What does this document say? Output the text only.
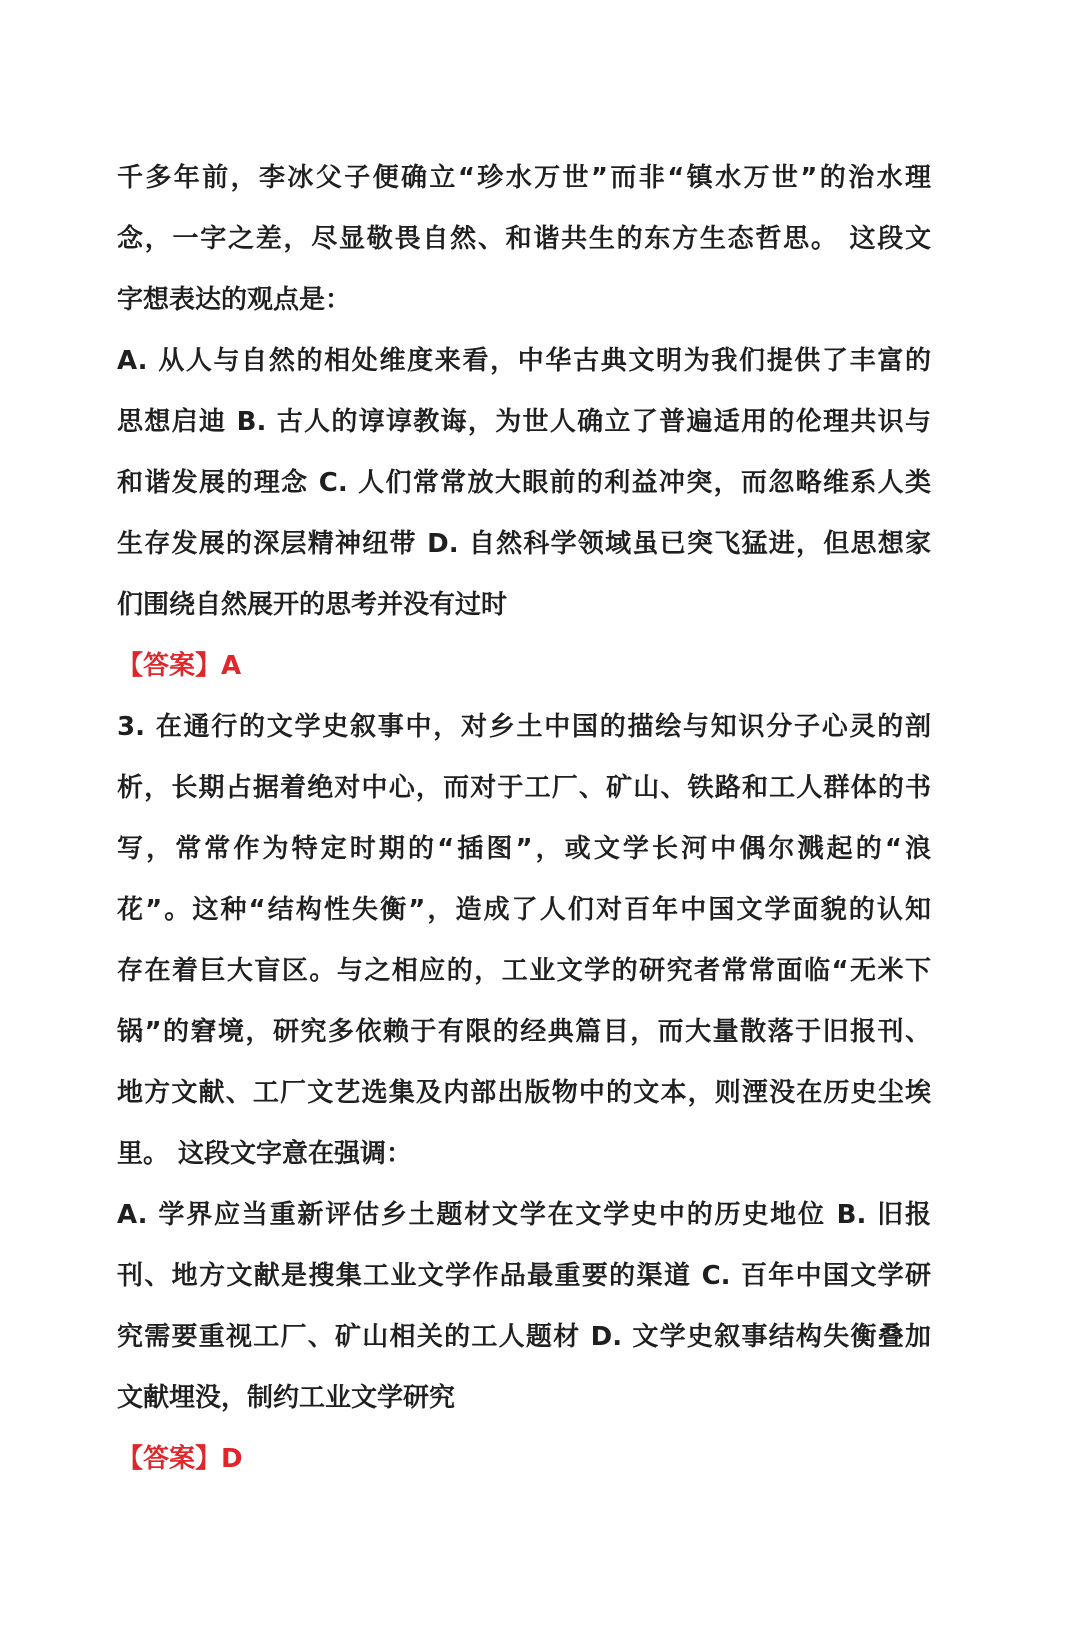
千多年前，李冰父子便确立“珍水万世”而非“镇水万世”的治水理
念，一字之差，尽显敬畏自然、和谐共生的东方生态哲思。 这段文
字想表达的观点是：
A. 从人与自然的相处维度来看，中华古典文明为我们提供了丰富的
思想启迪 B. 古人的谆谆教诲，为世人确立了普遍适用的伦理共识与
和谐发展的理念 C. 人们常常放大眼前的利益冲突，而忽略维系人类
生存发展的深层精神纽带 D. 自然科学领域虽已突飞猛进，但思想家
们围绕自然展开的思考并没有过时
【答案】A
3. 在通行的文学史叙事中，对乡土中国的描绘与知识分子心灵的剖
析，长期占据着绝对中心，而对于工厂、矿山、铁路和工人群体的书
写，常常作为特定时期的“插图”，或文学长河中偶尔溅起的“浪
花”。这种“结构性失衡”，造成了人们对百年中国文学面貌的认知
存在着巨大盲区。与之相应的，工业文学的研究者常常面临“无米下
锅”的窘境，研究多依赖于有限的经典篇目，而大量散落于旧报刊、
地方文献、工厂文艺选集及内部出版物中的文本，则湮没在历史尘埃
里。 这段文字意在强调：
A. 学界应当重新评估乡土题材文学在文学史中的历史地位 B. 旧报
刊、地方文献是搜集工业文学作品最重要的渠道 C. 百年中国文学研
究需要重视工厂、矿山相关的工人题材 D. 文学史叙事结构失衡叠加
文献埋没，制约工业文学研究
【答案】D
